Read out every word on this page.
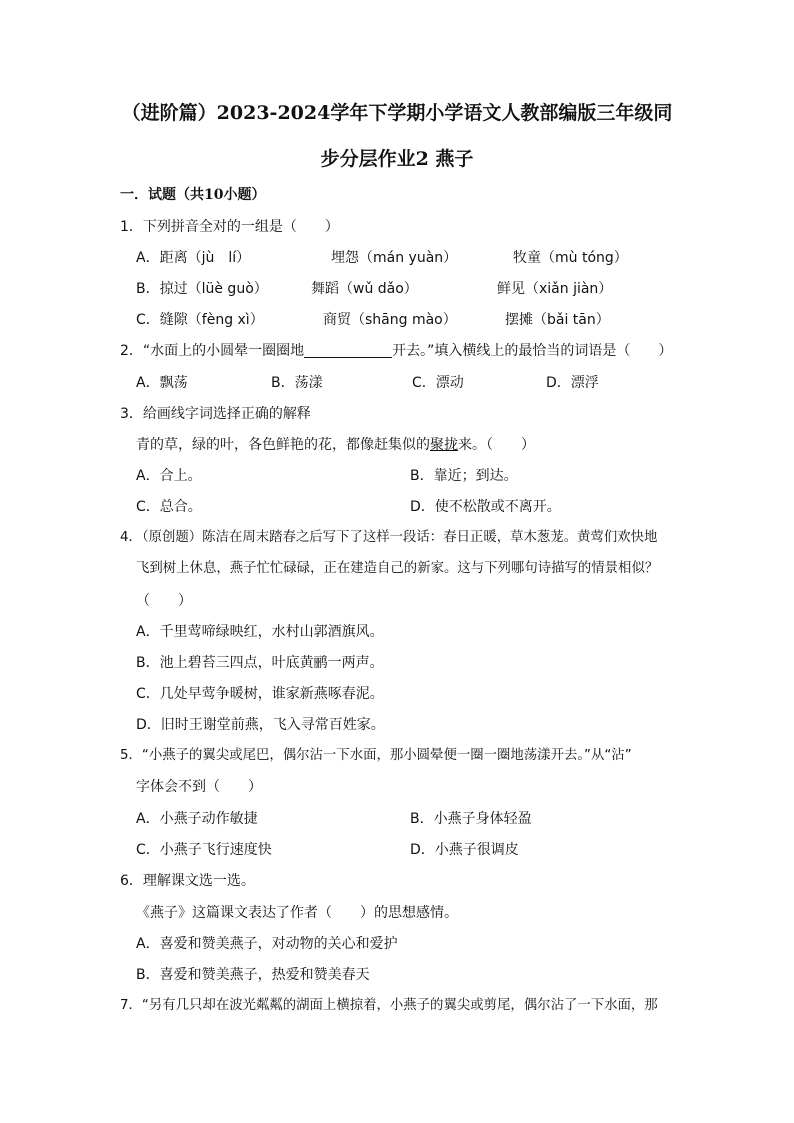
（进阶篇）2023-2024学年下学期小学语文人教部编版三年级同
步分层作业2 燕子
一．试题（共10小题）
1．下列拼音全对的一组是（　　）
A．距离（jù　lí）	埋怨（mán yuàn）	牧童（mù tóng）
B．掠过（lüè guò）	舞蹈（wǔ dǎo）	鲜见（xiǎn jiàn）
C．缝隙（fèng xì）	商贸（shāng mào）	摆摊（bǎi tān）
2．“水面上的小圆晕一圈圈地	开去。”填入横线上的最恰当的词语是（　　）
A．飘荡	B．荡漾	C．漂动	D．漂浮
3．给画线字词选择正确的解释
青的草，绿的叶，各色鲜艳的花，都像赶集似的聚拢来。（　　）
A．合上。	B．靠近；到达。
C．总合。	D．使不松散或不离开。
4．（原创题）陈洁在周末踏春之后写下了这样一段话：春日正暖，草木葱茏。黄莺们欢快地
飞到树上休息，燕子忙忙碌碌，正在建造自己的新家。这与下列哪句诗描写的情景相似？
（　　）
A．千里莺啼绿映红，水村山郭酒旗风。
B．池上碧苔三四点，叶底黄鹂一两声。
C．几处早莺争暖树，谁家新燕啄春泥。
D．旧时王谢堂前燕，飞入寻常百姓家。
5．“小燕子的翼尖或尾巴，偶尔沾一下水面，那小圆晕便一圈一圈地荡漾开去。”从“沾”
字体会不到（　　）
A．小燕子动作敏捷	B．小燕子身体轻盈
C．小燕子飞行速度快	D．小燕子很调皮
6．理解课文选一选。
《燕子》这篇课文表达了作者（　　）的思想感情。
A．喜爱和赞美燕子，对动物的关心和爱护
B．喜爱和赞美燕子，热爱和赞美春天
7．“另有几只却在波光粼粼的湖面上横掠着，小燕子的翼尖或剪尾，偶尔沾了一下水面，那
